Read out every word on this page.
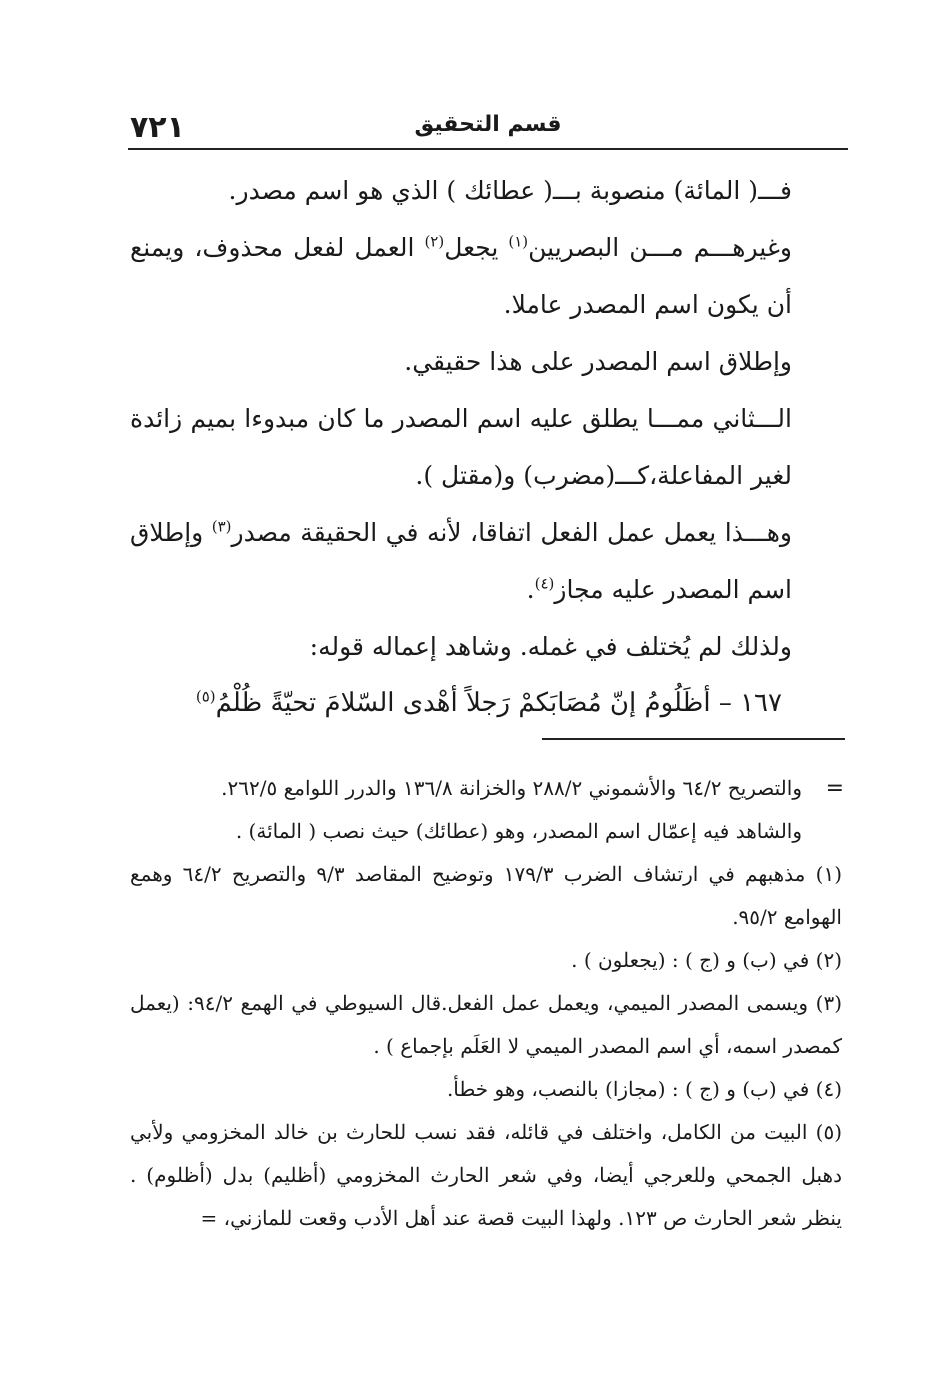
٧٢١	قسم التحقيق

فـــ( المائة) منصوبة بـــ( عطائك ) الذي هو اسم مصدر.

وغيرهـــم مـــن البصريين$^{(١)}$ يجعل$^{(٢)}$ العمل لفعل محذوف، ويمنع أن يكون اسم المصدر عاملا.

وإطلاق اسم المصدر على هذا حقيقي.

الـــثاني ممـــا يطلق عليه اسم المصدر ما كان مبدوءا بميم زائدة لغير المفاعلة،كـــ(مضرب) و(مقتل ).

وهـــذا يعمل عمل الفعل اتفاقا، لأنه في الحقيقة مصدر$^{(٣)}$ وإطلاق اسم المصدر عليه مجاز$^{(٤)}$.

ولذلك لم يُختلف في غمله. وشاهد إعماله قوله:

١٦٧ – أظَلُومُ إنّ مُصَابَكمْ رَجلاً أهْدى السّلامَ تحيّةً ظُلْمُ$^{(٥)}$

=
والتصريح ٦٤/٢ والأشموني ٢٨٨/٢ والخزانة ١٣٦/٨ والدرر اللوامع ٢٦٢/٥.

والشاهد فيه إعمّال اسم المصدر، وهو (عطائك) حيث نصب ( المائة) .

(١) مذهبهم في ارتشاف الضرب ١٧٩/٣ وتوضيح المقاصد ٩/٣ والتصريح ٦٤/٢ وهمع الهوامع ٩٥/٢.

(٢) في (ب) و (ج ) : (يجعلون ) .

(٣) ويسمى المصدر الميمي، ويعمل عمل الفعل.قال السيوطي في الهمع ٩٤/٢: (يعمل كمصدر اسمه، أي اسم المصدر الميمي لا العَلَم بإجماع ) .

(٤) في (ب) و (ج ) : (مجازا) بالنصب، وهو خطأ.

(٥) البيت من الكامل، واختلف في قائله، فقد نسب للحارث بن خالد المخزومي ولأبي دهبل الجمحي وللعرجي أيضا، وفي شعر الحارث المخزومي (أظليم) بدل (أظلوم) . ينظر شعر الحارث ص ١٢٣. ولهذا البيت قصة عند أهل الأدب وقعت للمازني، =
